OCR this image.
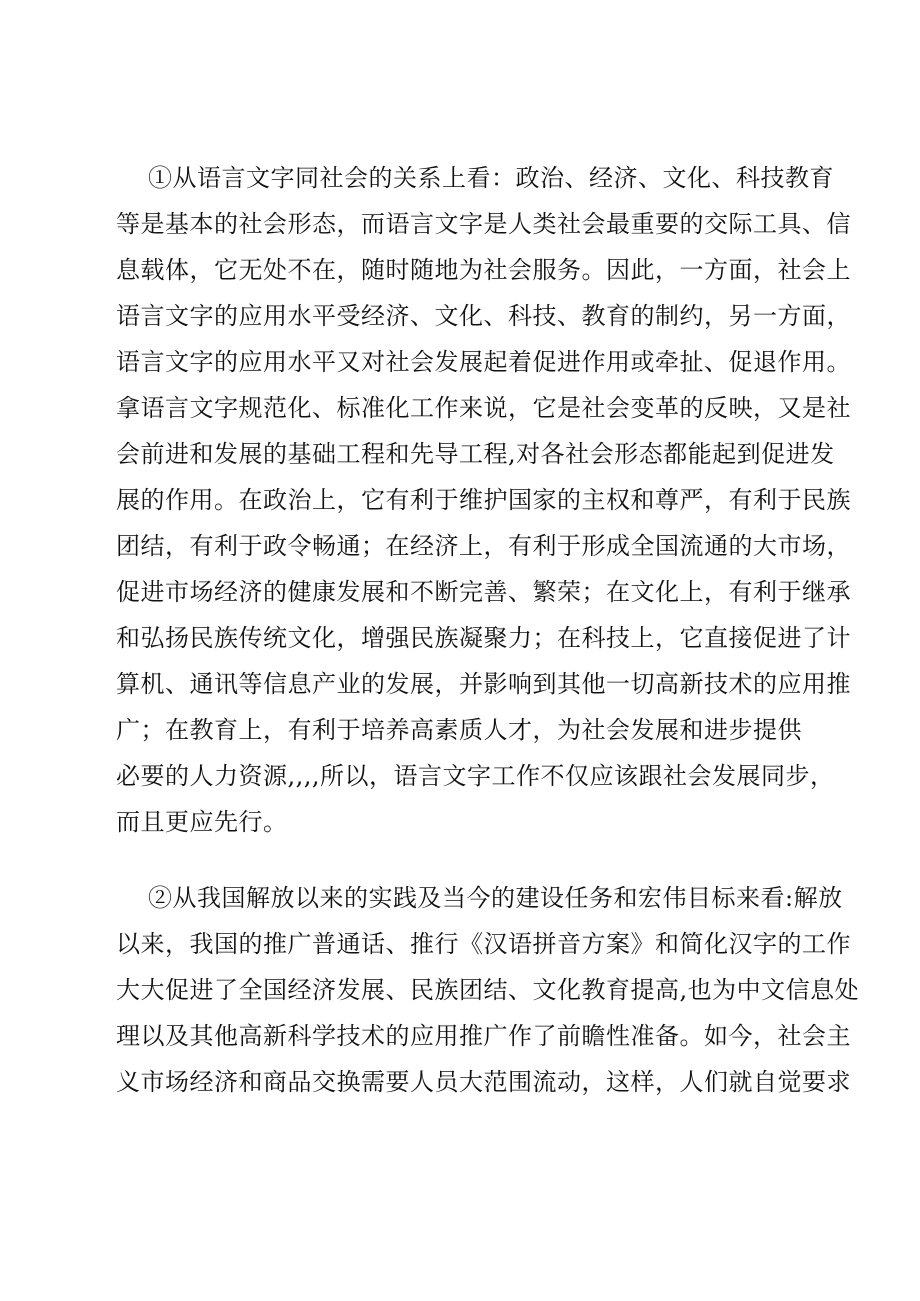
①从语言文字同社会的关系上看：政治、经济、文化、科技教育
等是基本的社会形态，而语言文字是人类社会最重要的交际工具、信
息载体，它无处不在，随时随地为社会服务。因此，一方面，社会上
语言文字的应用水平受经济、文化、科技、教育的制约，另一方面，
语言文字的应用水平又对社会发展起着促进作用或牵扯、促退作用。
拿语言文字规范化、标准化工作来说，它是社会变革的反映，又是社
会前进和发展的基础工程和先导工程,对各社会形态都能起到促进发
展的作用。在政治上，它有利于维护国家的主权和尊严，有利于民族
团结，有利于政令畅通；在经济上，有利于形成全国流通的大市场，
促进市场经济的健康发展和不断完善、繁荣；在文化上，有利于继承
和弘扬民族传统文化，增强民族凝聚力；在科技上，它直接促进了计
算机、通讯等信息产业的发展，并影响到其他一切高新技术的应用推
广；在教育上，有利于培养高素质人才，为社会发展和进步提供
必要的人力资源,,,,所以，语言文字工作不仅应该跟社会发展同步，
而且更应先行。
②从我国解放以来的实践及当今的建设任务和宏伟目标来看:解放
以来，我国的推广普通话、推行《汉语拼音方案》和简化汉字的工作
大大促进了全国经济发展、民族团结、文化教育提高,也为中文信息处
理以及其他高新科学技术的应用推广作了前瞻性准备。如今，社会主
义市场经济和商品交换需要人员大范围流动，这样，人们就自觉要求
